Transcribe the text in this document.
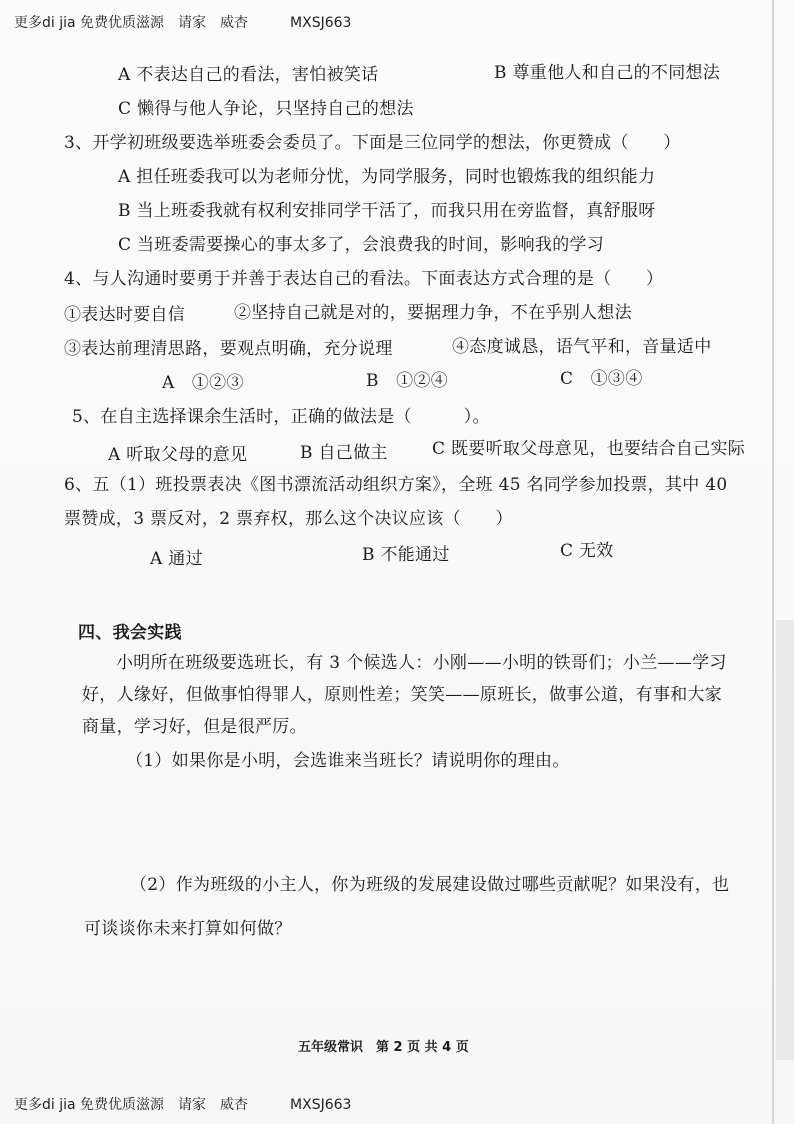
更多di jia 免费优质滋源　请家　威杏　　　MXSJ663
A 不表达自己的看法，害怕被笑话	B 尊重他人和自己的不同想法
C 懒得与他人争论，只坚持自己的想法
3、开学初班级要选举班委会委员了。下面是三位同学的想法，你更赞成（　　）
A 担任班委我可以为老师分忧，为同学服务，同时也锻炼我的组织能力
B 当上班委我就有权利安排同学干活了，而我只用在旁监督，真舒服呀
C 当班委需要操心的事太多了，会浪费我的时间，影响我的学习
4、与人沟通时要勇于并善于表达自己的看法。下面表达方式合理的是（　　）
①表达时要自信	②坚持自己就是对的，要据理力争，不在乎别人想法
③表达前理清思路，要观点明确，充分说理	④态度诚恳，语气平和，音量适中
A　①②③	B　①②④	C　①③④
5、在自主选择课余生活时，正确的做法是（　　　）。
A 听取父母的意见	B 自己做主	C 既要听取父母意见，也要结合自己实际
6、五（1）班投票表决《图书漂流活动组织方案》，全班 45 名同学参加投票，其中 40
票赞成，3 票反对，2 票弃权，那么这个决议应该（　　）
A 通过	B 不能通过	C 无效
四、我会实践
小明所在班级要选班长，有 3 个候选人：小刚——小明的铁哥们；小兰——学习
好，人缘好，但做事怕得罪人，原则性差；笑笑——原班长，做事公道，有事和大家
商量，学习好，但是很严厉。
（1）如果你是小明，会选谁来当班长？请说明你的理由。
（2）作为班级的小主人，你为班级的发展建设做过哪些贡献呢？如果没有，也
可谈谈你未来打算如何做？
五年级常识　第 2 页 共 4 页
更多di jia 免费优质滋源　请家　威杏　　　MXSJ663
